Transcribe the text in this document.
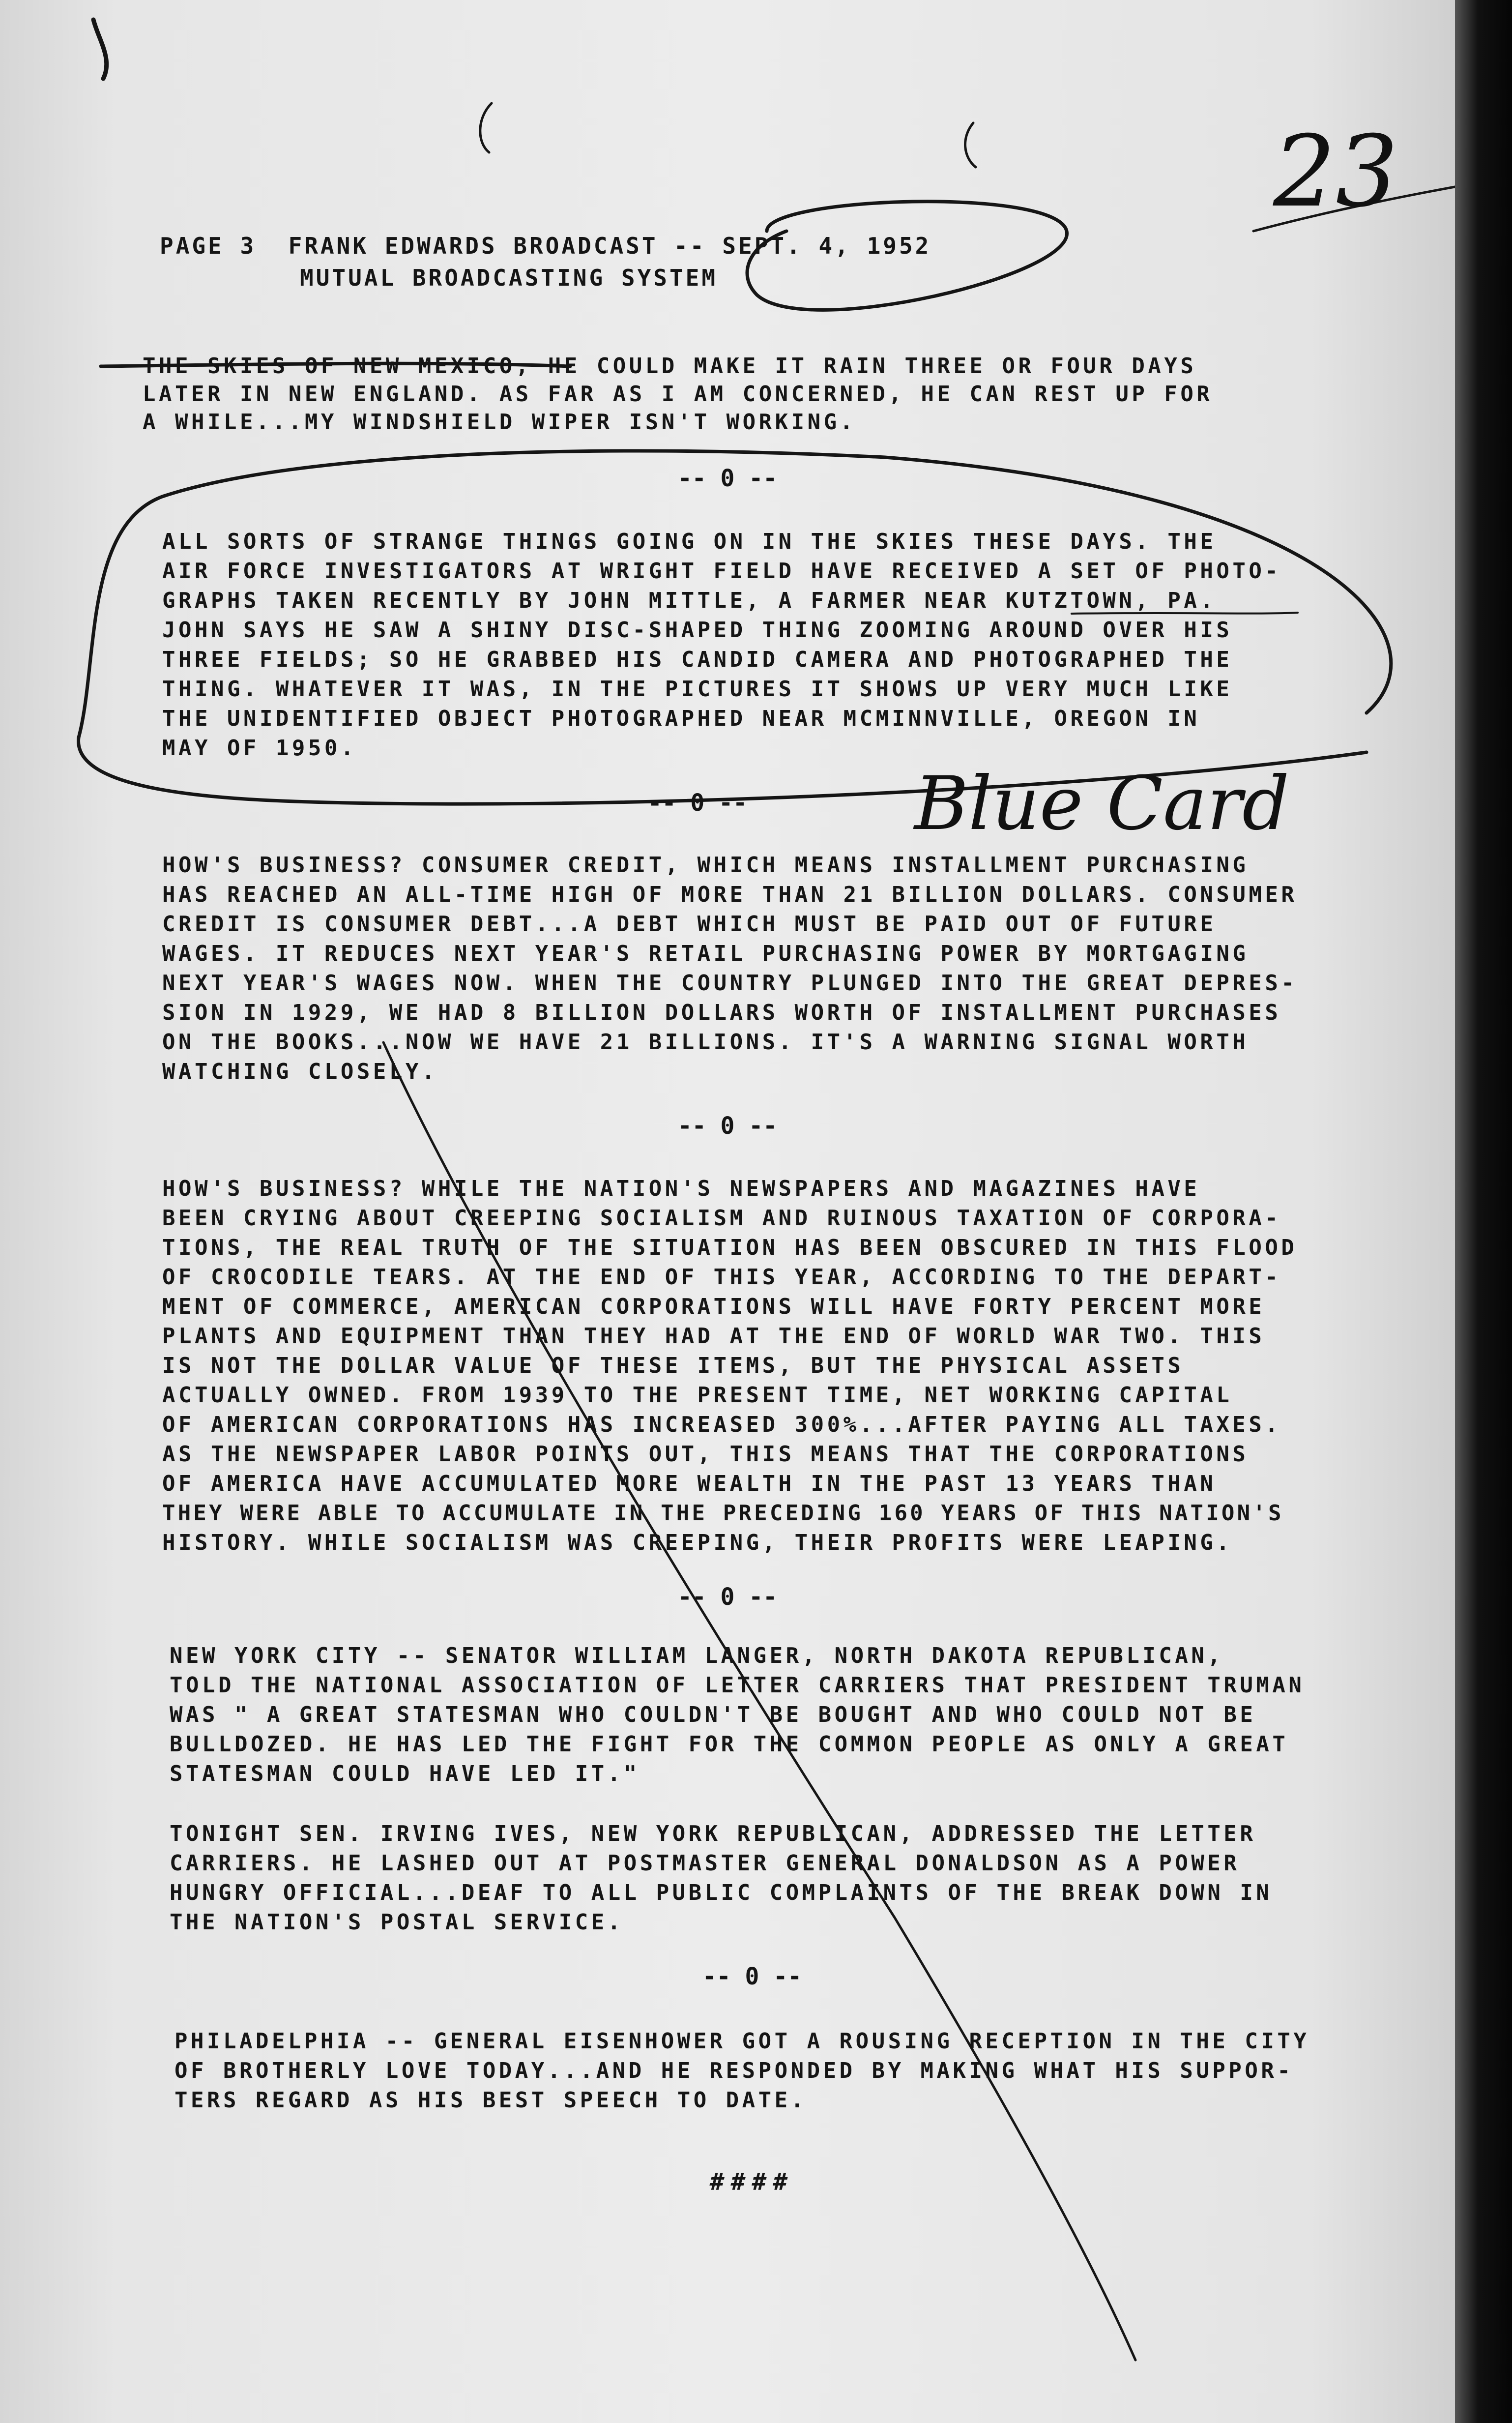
23
Blue Card
PAGE 3 FRANK EDWARDS BROADCAST -- SEPT. 4, 1952
MUTUAL BROADCASTING SYSTEM
THE SKIES OF NEW MEXICO, HE COULD MAKE IT RAIN THREE OR FOUR DAYS
LATER IN NEW ENGLAND. AS FAR AS I AM CONCERNED, HE CAN REST UP FOR
A WHILE...MY WINDSHIELD WIPER ISN'T WORKING.
-- 0 --
ALL SORTS OF STRANGE THINGS GOING ON IN THE SKIES THESE DAYS. THE
AIR FORCE INVESTIGATORS AT WRIGHT FIELD HAVE RECEIVED A SET OF PHOTO-
GRAPHS TAKEN RECENTLY BY JOHN MITTLE, A FARMER NEAR KUTZTOWN, PA.
JOHN SAYS HE SAW A SHINY DISC-SHAPED THING ZOOMING AROUND OVER HIS
THREE FIELDS; SO HE GRABBED HIS CANDID CAMERA AND PHOTOGRAPHED THE
THING. WHATEVER IT WAS, IN THE PICTURES IT SHOWS UP VERY MUCH LIKE
THE UNIDENTIFIED OBJECT PHOTOGRAPHED NEAR MCMINNVILLE, OREGON IN
MAY OF 1950.
-- 0 --
HOW'S BUSINESS? CONSUMER CREDIT, WHICH MEANS INSTALLMENT PURCHASING
HAS REACHED AN ALL-TIME HIGH OF MORE THAN 21 BILLION DOLLARS. CONSUMER
CREDIT IS CONSUMER DEBT...A DEBT WHICH MUST BE PAID OUT OF FUTURE
WAGES. IT REDUCES NEXT YEAR'S RETAIL PURCHASING POWER BY MORTGAGING
NEXT YEAR'S WAGES NOW. WHEN THE COUNTRY PLUNGED INTO THE GREAT DEPRES-
SION IN 1929, WE HAD 8 BILLION DOLLARS WORTH OF INSTALLMENT PURCHASES
ON THE BOOKS...NOW WE HAVE 21 BILLIONS. IT'S A WARNING SIGNAL WORTH
WATCHING CLOSELY.
-- 0 --
HOW'S BUSINESS? WHILE THE NATION'S NEWSPAPERS AND MAGAZINES HAVE
BEEN CRYING ABOUT CREEPING SOCIALISM AND RUINOUS TAXATION OF CORPORA-
TIONS, THE REAL TRUTH OF THE SITUATION HAS BEEN OBSCURED IN THIS FLOOD
OF CROCODILE TEARS. AT THE END OF THIS YEAR, ACCORDING TO THE DEPART-
MENT OF COMMERCE, AMERICAN CORPORATIONS WILL HAVE FORTY PERCENT MORE
PLANTS AND EQUIPMENT THAN THEY HAD AT THE END OF WORLD WAR TWO. THIS
IS NOT THE DOLLAR VALUE OF THESE ITEMS, BUT THE PHYSICAL ASSETS
ACTUALLY OWNED. FROM 1939 TO THE PRESENT TIME, NET WORKING CAPITAL
OF AMERICAN CORPORATIONS HAS INCREASED 300%...AFTER PAYING ALL TAXES.
AS THE NEWSPAPER LABOR POINTS OUT, THIS MEANS THAT THE CORPORATIONS
OF AMERICA HAVE ACCUMULATED MORE WEALTH IN THE PAST 13 YEARS THAN
THEY WERE ABLE TO ACCUMULATE IN THE PRECEDING 160 YEARS OF THIS NATION'S
HISTORY. WHILE SOCIALISM WAS CREEPING, THEIR PROFITS WERE LEAPING.
-- 0 --
NEW YORK CITY -- SENATOR WILLIAM LANGER, NORTH DAKOTA REPUBLICAN,
TOLD THE NATIONAL ASSOCIATION OF LETTER CARRIERS THAT PRESIDENT TRUMAN
WAS " A GREAT STATESMAN WHO COULDN'T BE BOUGHT AND WHO COULD NOT BE
BULLDOZED. HE HAS LED THE FIGHT FOR THE COMMON PEOPLE AS ONLY A GREAT
STATESMAN COULD HAVE LED IT."
TONIGHT SEN. IRVING IVES, NEW YORK REPUBLICAN, ADDRESSED THE LETTER
CARRIERS. HE LASHED OUT AT POSTMASTER GENERAL DONALDSON AS A POWER
HUNGRY OFFICIAL...DEAF TO ALL PUBLIC COMPLAINTS OF THE BREAK DOWN IN
THE NATION'S POSTAL SERVICE.
-- 0 --
PHILADELPHIA -- GENERAL EISENHOWER GOT A ROUSING RECEPTION IN THE CITY
OF BROTHERLY LOVE TODAY...AND HE RESPONDED BY MAKING WHAT HIS SUPPOR-
TERS REGARD AS HIS BEST SPEECH TO DATE.
####
